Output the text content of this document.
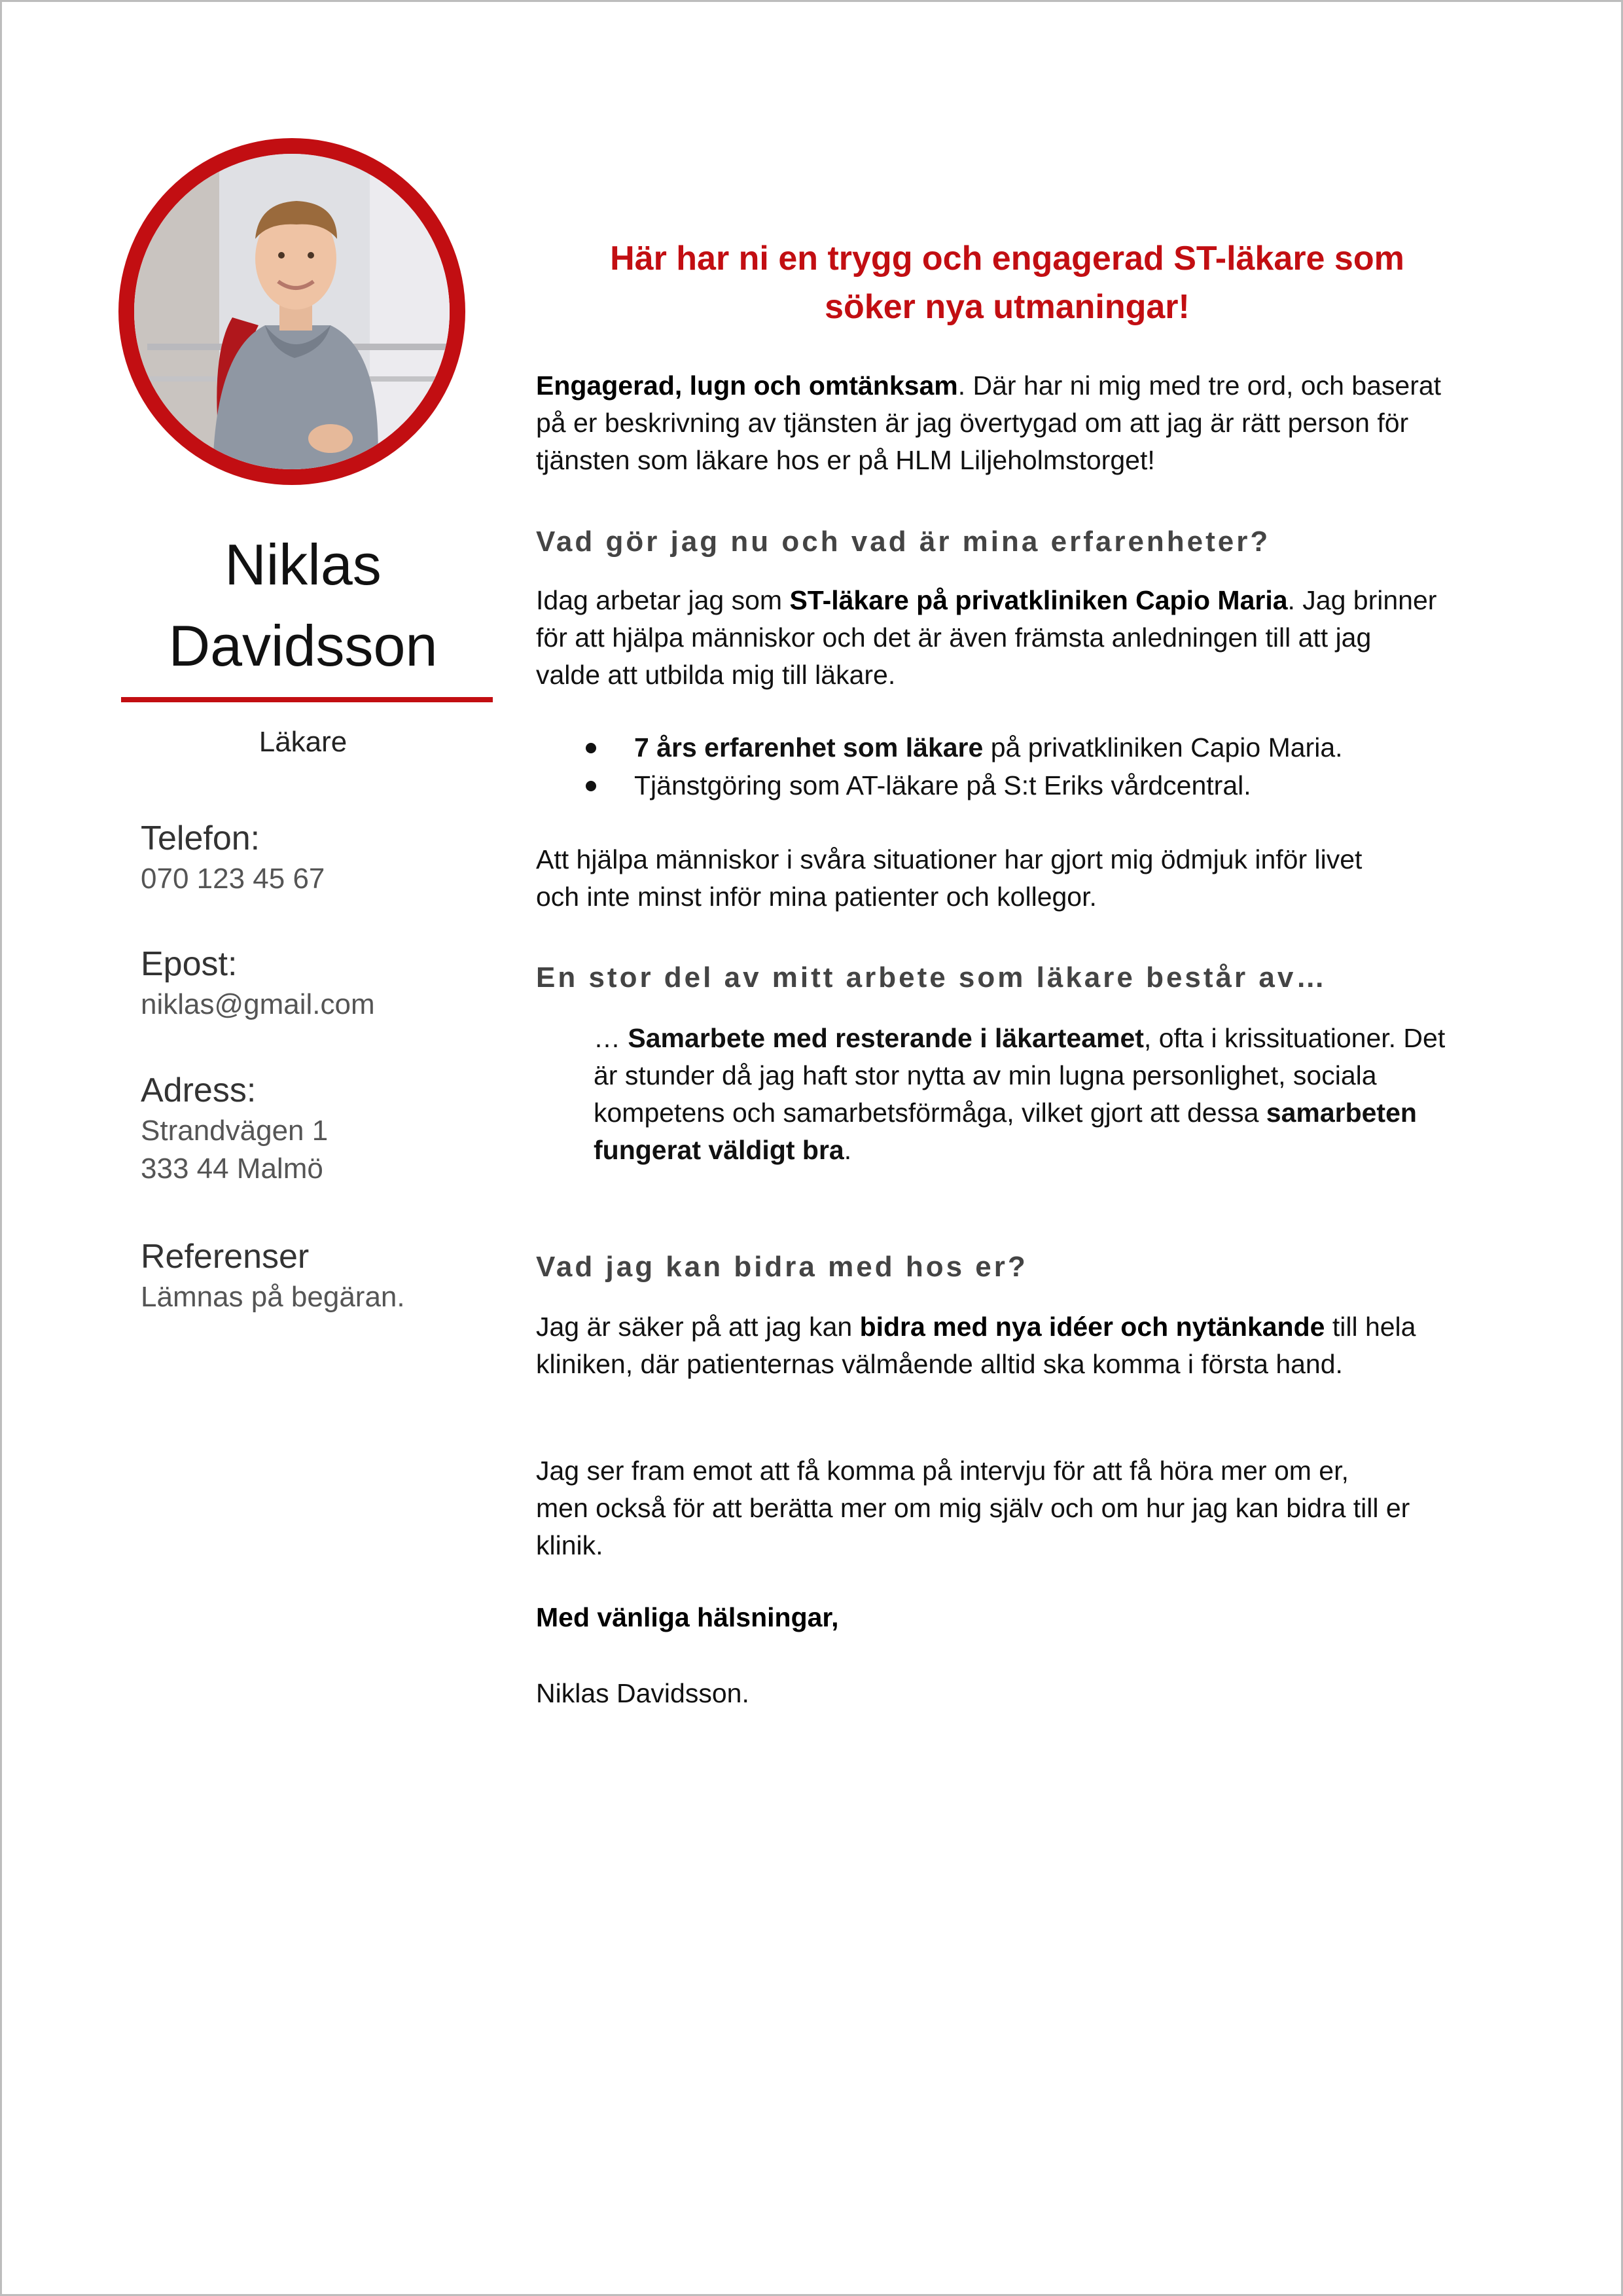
Niklas
Davidsson
Läkare
Telefon:
070 123 45 67
Epost:
niklas@gmail.com
Adress:
Strandvägen 1
333 44 Malmö
Referenser
Lämnas på begäran.
Här har ni en trygg och engagerad ST-läkare som
söker nya utmaningar!
Engagerad, lugn och omtänksam. Där har ni mig med tre ord, och baserat
på er beskrivning av tjänsten är jag övertygad om att jag är rätt person för
tjänsten som läkare hos er på HLM Liljeholmstorget!
Vad gör jag nu och vad är mina erfarenheter?
Idag arbetar jag som ST-läkare på privatkliniken Capio Maria. Jag brinner
för att hjälpa människor och det är även främsta anledningen till att jag
valde att utbilda mig till läkare.
7 års erfarenhet som läkare på privatkliniken Capio Maria.
Tjänstgöring som AT-läkare på S:t Eriks vårdcentral.
Att hjälpa människor i svåra situationer har gjort mig ödmjuk inför livet
och inte minst inför mina patienter och kollegor.
En stor del av mitt arbete som läkare består av…
… Samarbete med resterande i läkarteamet, ofta i krissituationer. Det
är stunder då jag haft stor nytta av min lugna personlighet, sociala
kompetens och samarbetsförmåga, vilket gjort att dessa samarbeten
fungerat väldigt bra.
Vad jag kan bidra med hos er?
Jag är säker på att jag kan bidra med nya idéer och nytänkande till hela
kliniken, där patienternas välmående alltid ska komma i första hand.
Jag ser fram emot att få komma på intervju för att få höra mer om er,
men också för att berätta mer om mig själv och om hur jag kan bidra till er
klinik.
Med vänliga hälsningar,
Niklas Davidsson.
